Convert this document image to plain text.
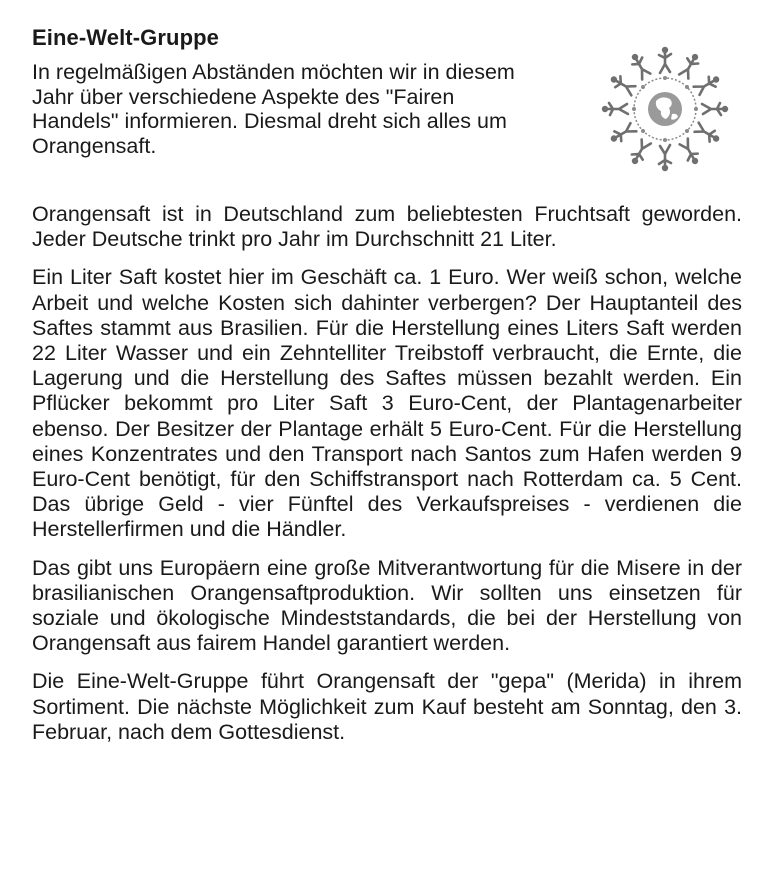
Eine-Welt-Gruppe

In regelmäßigen Abständen möchten wir in diesem Jahr über verschiedene Aspekte des "Fairen Handels" informieren. Diesmal dreht sich alles um Orangensaft.

Orangensaft ist in Deutschland zum beliebtesten Fruchtsaft geworden. Jeder Deutsche trinkt pro Jahr im Durchschnitt 21 Liter.

Ein Liter Saft kostet hier im Geschäft ca. 1 Euro. Wer weiß schon, welche Arbeit und welche Kosten sich dahinter verbergen? Der Hauptanteil des Saftes stammt aus Brasilien. Für die Herstellung eines Liters Saft werden 22 Liter Wasser und ein Zehntelliter Treibstoff verbraucht, die Ernte, die Lagerung und die Herstellung des Saftes müssen bezahlt werden. Ein Pflücker bekommt pro Liter Saft 3 Euro-Cent, der Plantagenarbeiter ebenso. Der Besitzer der Plantage erhält 5 Euro-Cent. Für die Herstellung eines Konzentrates und den Transport nach Santos zum Hafen werden 9 Euro-Cent benötigt, für den Schiffstransport nach Rotterdam ca. 5 Cent. Das übrige Geld - vier Fünftel des Verkaufspreises - verdienen die Herstellerfirmen und die Händler.

Das gibt uns Europäern eine große Mitverantwortung für die Misere in der brasilianischen Orangensaftproduktion. Wir sollten uns einsetzen für soziale und ökologische Mindeststandards, die bei der Herstellung von Orangensaft aus fairem Handel garantiert werden.

Die Eine-Welt-Gruppe führt Orangensaft der "gepa" (Merida) in ihrem Sortiment. Die nächste Möglichkeit zum Kauf besteht am Sonntag, den 3. Februar, nach dem Gottesdienst.
